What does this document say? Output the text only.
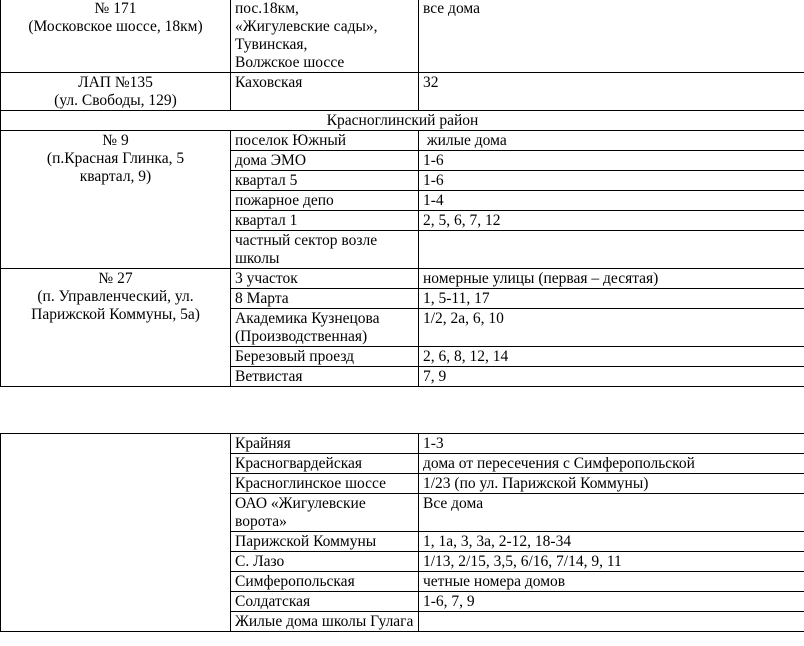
№ 171
(Московское шоссе, 18км)	пос.18км,
«Жигулевские сады»,
Тувинская,
Волжское шоссе	все дома

ЛАП №135
(ул. Свободы, 129)	Каховская	32
Красноглинский район		

№ 9
(п.Красная Глинка, 5
квартал, 9)	поселок Южный	жилые дома

	дома ЭМО	1-6

	квартал 5	1-6

	пожарное депо	1-4

	квартал 1	2, 5, 6, 7, 12

	частный сектор возле
школы	

№ 27
(п. Управленческий, ул.
Парижской Коммуны, 5а)	3 участок	номерные улицы (первая – десятая)

	8 Марта	1, 5-11, 17

	Академика Кузнецова
(Производственная)	1/2, 2а, 6, 10

	Березовый проезд	2, 6, 8, 12, 14

	Ветвистая	7, 9

	Крайняя	1-3

	Красногвардейская	дома от пересечения с Симферопольской

	Красноглинское шоссе	1/23 (по ул. Парижской Коммуны)

	ОАО «Жигулевские
ворота»	Все дома

	Парижской Коммуны	1, 1а, 3, 3а, 2-12, 18-34

	С. Лазо	1/13, 2/15, 3,5, 6/16, 7/14, 9, 11

	Симферопольская	четные номера домов

	Солдатская	1-6, 7, 9

	Жилые дома школы Гулага	
